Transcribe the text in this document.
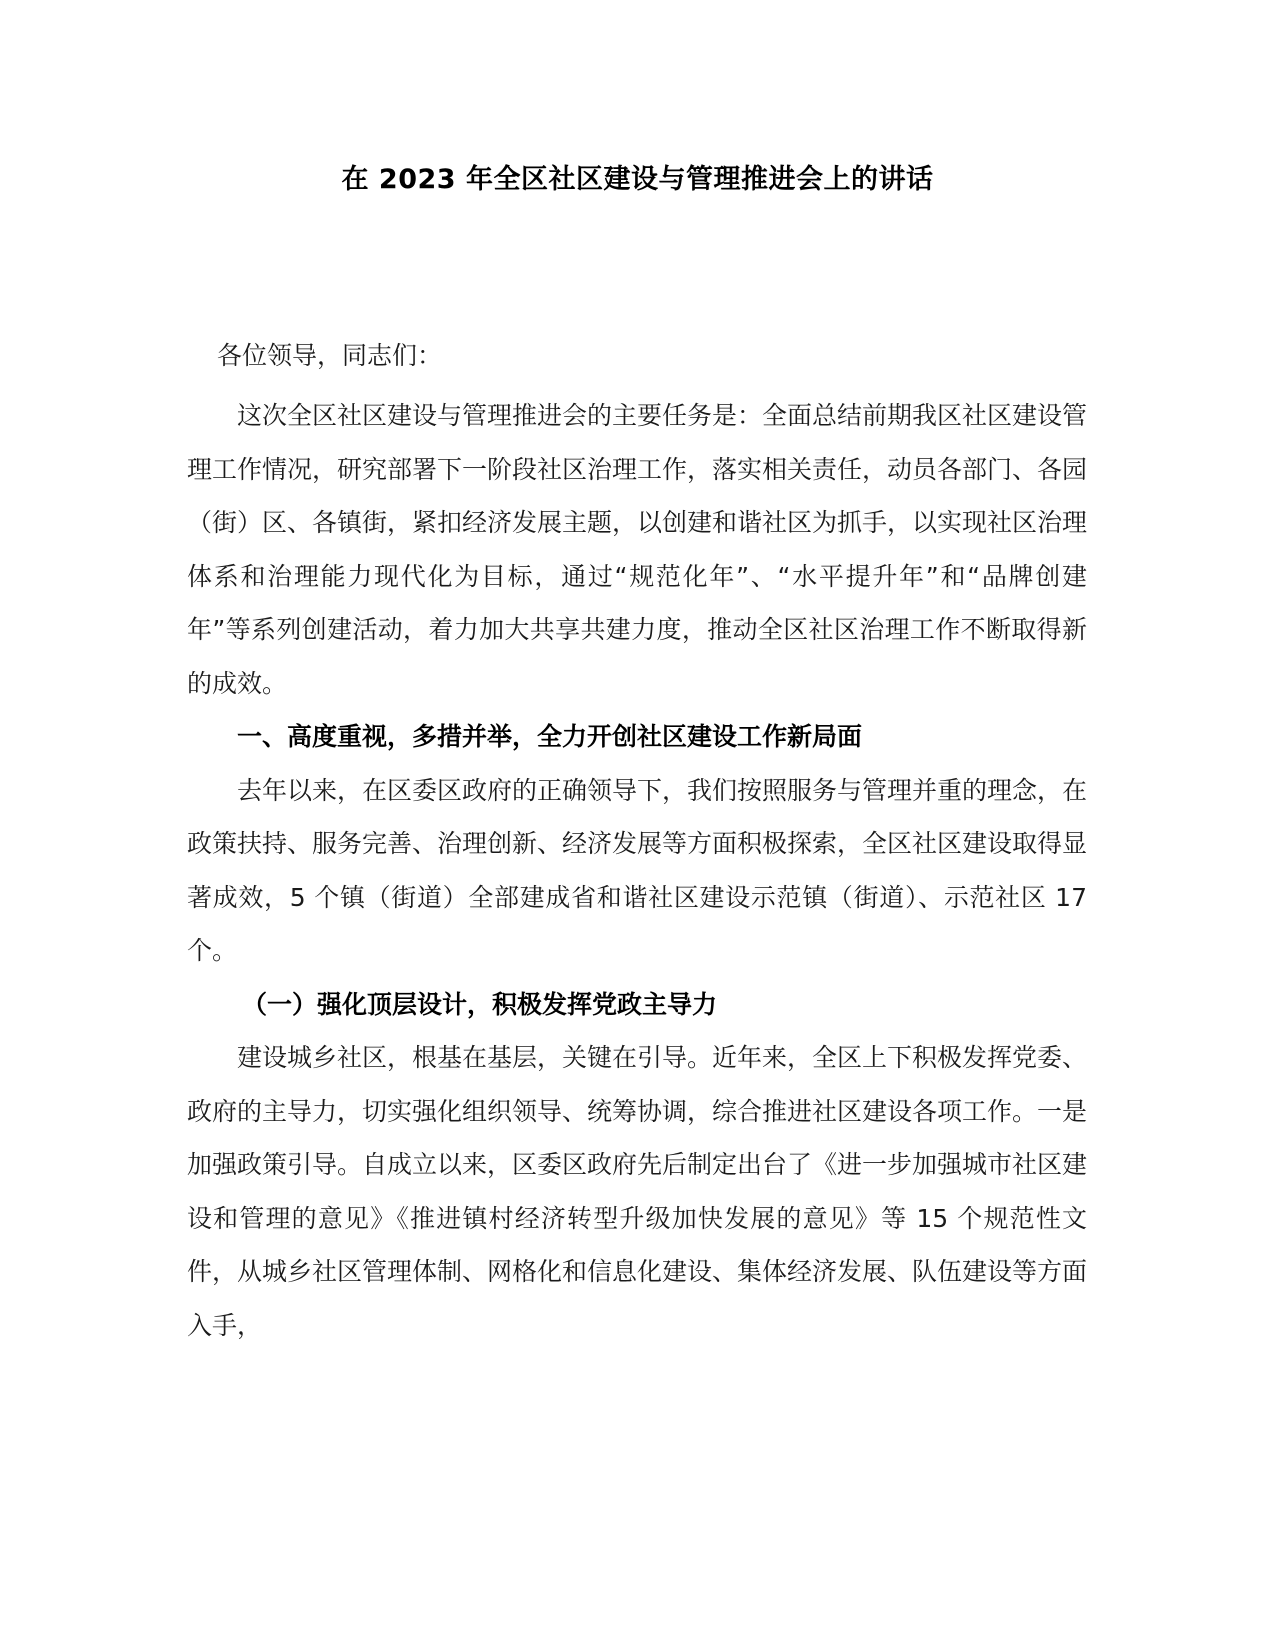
在 2023 年全区社区建设与管理推进会上的讲话

各位领导，同志们：

这次全区社区建设与管理推进会的主要任务是：全面总结前期我区社区建设管理工作情况，研究部署下一阶段社区治理工作，落实相关责任，动员各部门、各园（街）区、各镇街，紧扣经济发展主题，以创建和谐社区为抓手，以实现社区治理体系和治理能力现代化为目标，通过“规范化年”、“水平提升年”和“品牌创建年”等系列创建活动，着力加大共享共建力度，推动全区社区治理工作不断取得新的成效。

一、高度重视，多措并举，全力开创社区建设工作新局面

去年以来，在区委区政府的正确领导下，我们按照服务与管理并重的理念，在政策扶持、服务完善、治理创新、经济发展等方面积极探索，全区社区建设取得显著成效，5 个镇（街道）全部建成省和谐社区建设示范镇（街道）、示范社区 17 个。

（一）强化顶层设计，积极发挥党政主导力

建设城乡社区，根基在基层，关键在引导。近年来，全区上下积极发挥党委、政府的主导力，切实强化组织领导、统筹协调，综合推进社区建设各项工作。一是加强政策引导。自成立以来，区委区政府先后制定出台了《进一步加强城市社区建设和管理的意见》《推进镇村经济转型升级加快发展的意见》等 15 个规范性文件，从城乡社区管理体制、网格化和信息化建设、集体经济发展、队伍建设等方面入手，
